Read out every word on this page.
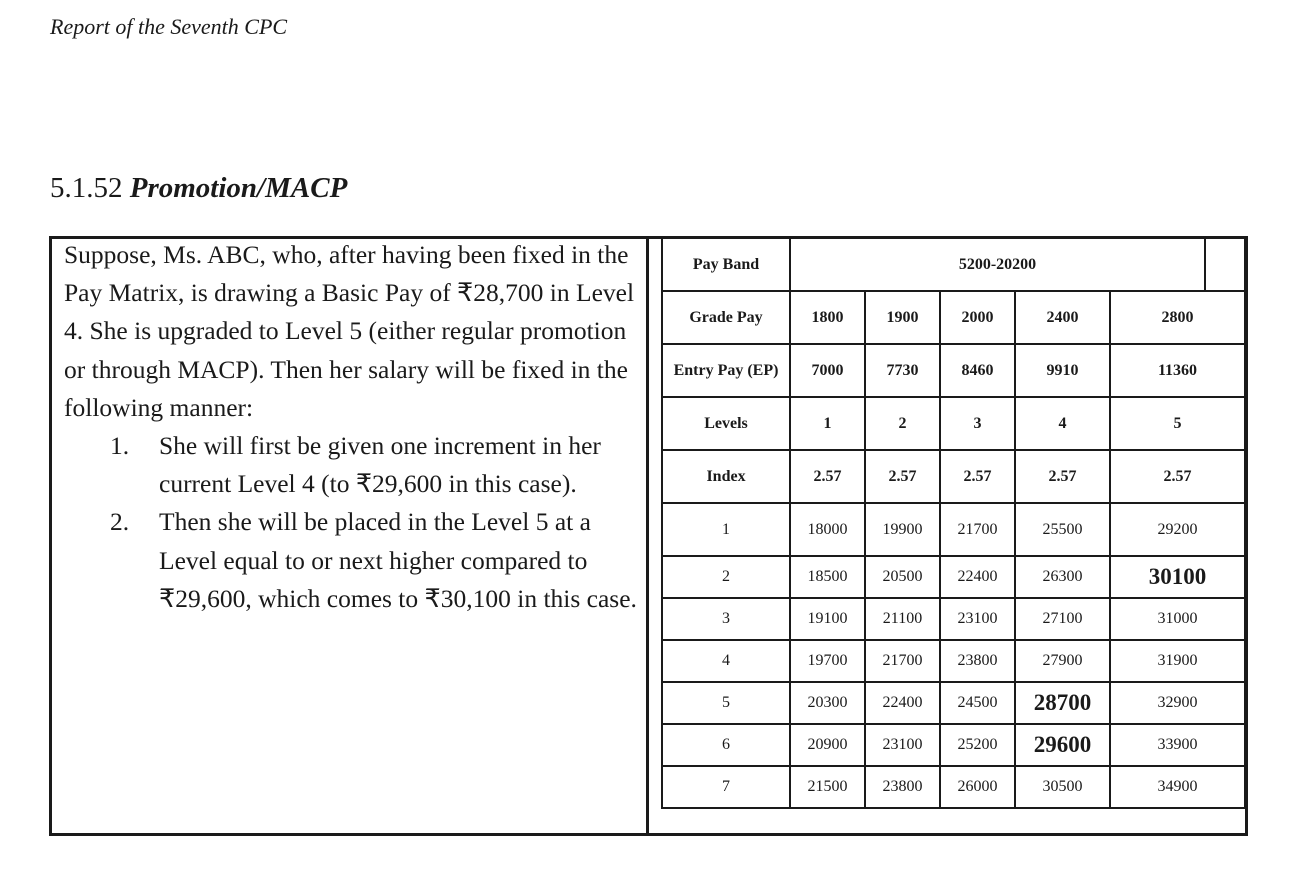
Report of the Seventh CPC
5.1.52 Promotion/MACP

Suppose, Ms. ABC, who, after having been fixed in the Pay Matrix, is drawing a Basic Pay of ₹28,700 in Level 4. She is upgraded to Level 5 (either regular promotion or through MACP). Then her salary will be fixed in the following manner:

1. She will first be given one increment in her current Level 4 (to ₹29,600 in this case).
2. Then she will be placed in the Level 5 at a Level equal to or next higher compared to ₹29,600, which comes to ₹30,100 in this case.
Pay Band	5200-20200					
Grade Pay	1800	1900	2000	2400	2800	
Entry Pay (EP)	7000	7730	8460	9910	11360	
Levels	1	2	3	4	5	
Index	2.57	2.57	2.57	2.57	2.57	
1	18000	19900	21700	25500	29200	
2	18500	20500	22400	26300	30100	
3	19100	21100	23100	27100	31000	
4	19700	21700	23800	27900	31900	
5	20300	22400	24500	28700	32900	
6	20900	23100	25200	29600	33900	
7	21500	23800	26000	30500	34900	
